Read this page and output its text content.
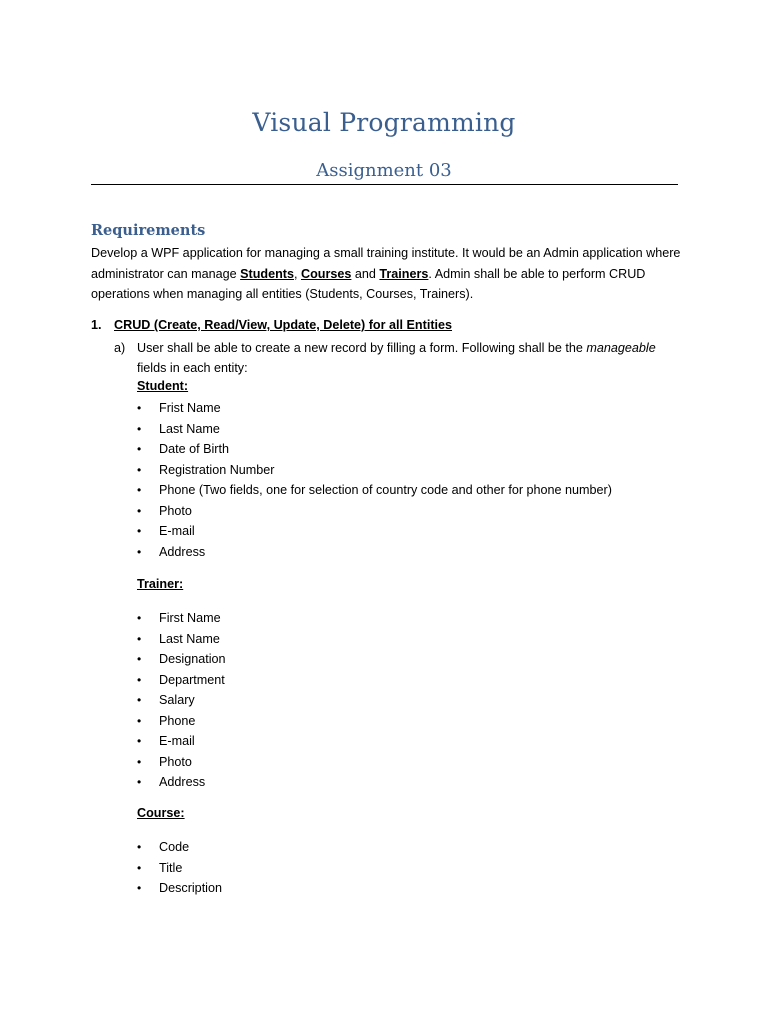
Visual Programming
Assignment 03
Requirements
Develop a WPF application for managing a small training institute. It would be an Admin application where administrator can manage Students, Courses and Trainers. Admin shall be able to perform CRUD operations when managing all entities (Students, Courses, Trainers).
1. CRUD (Create, Read/View, Update, Delete) for all Entities
a) User shall be able to create a new record by filling a form. Following shall be the manageable fields in each entity:
Student:
• Frist Name
• Last Name
• Date of Birth
• Registration Number
• Phone (Two fields, one for selection of country code and other for phone number)
• Photo
• E-mail
• Address
Trainer:
• First Name
• Last Name
• Designation
• Department
• Salary
• Phone
• E-mail
• Photo
• Address
Course:
• Code
• Title
• Description
